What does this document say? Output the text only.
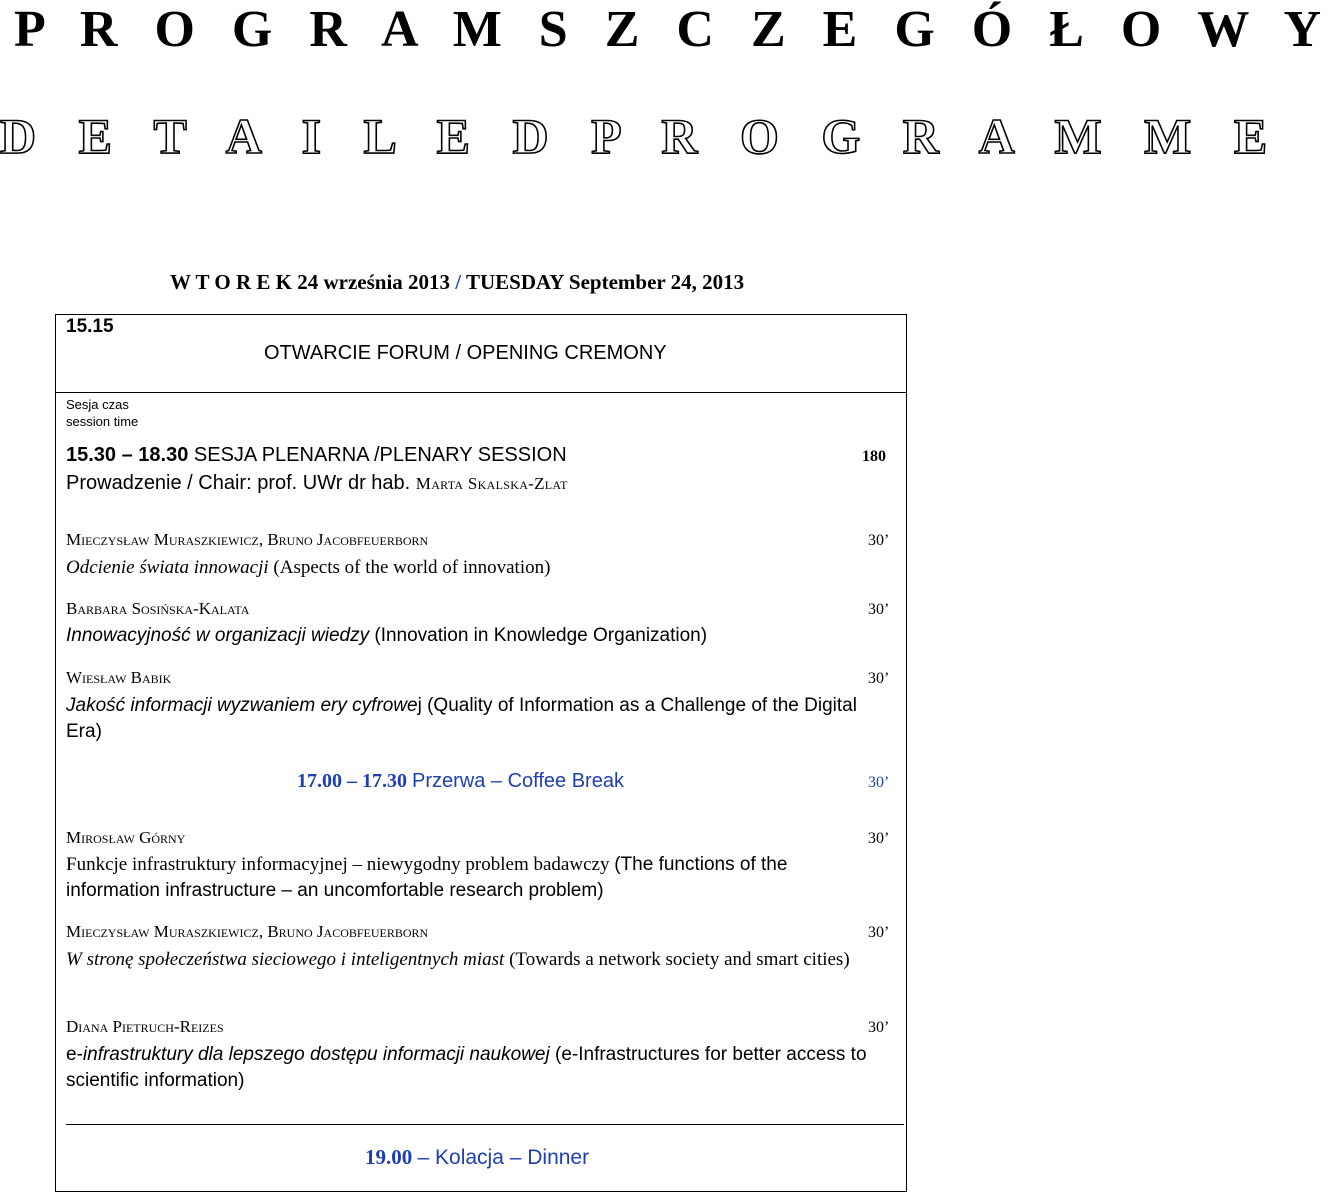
P R O G R A M S Z C Z E G Ó Ł O W Y
D E T A I L E D P R O G R A M M E
W T O R E K 24 września 2013 / TUESDAY September 24, 2013
15.15
OTWARCIE FORUM / OPENING CREMONY
Sesja czas session time
15.30 – 18.30 SESJA PLENARNA /PLENARY SESSION	180
Prowadzenie / Chair: prof. UWr dr hab. Marta Skalska-Zlat
Mieczysław Muraszkiewicz, Bruno Jacobfeuerborn	30’
Odcienie świata innowacji (Aspects of the world of innovation)
Barbara Sosińska-Kalata	30’
Innowacyjność w organizacji wiedzy (Innovation in Knowledge Organization)
Wiesław Babik	30’
Jakość informacji wyzwaniem ery cyfrowej (Quality of Information as a Challenge of the Digital Era)
17.00 – 17.30 Przerwa – Coffee Break	30’
Mirosław Górny	30’
Funkcje infrastruktury informacyjnej – niewygodny problem badawczy (The functions of the information infrastructure – an uncomfortable research problem)
Mieczysław Muraszkiewicz, Bruno Jacobfeuerborn	30’
W stronę społeczeństwa sieciowego i inteligentnych miast (Towards a network society and smart cities)
Diana Pietruch-Reizes	30’
e-infrastruktury dla lepszego dostępu informacji naukowej (e-Infrastructures for better access to scientific information)
19.00 – Kolacja – Dinner
